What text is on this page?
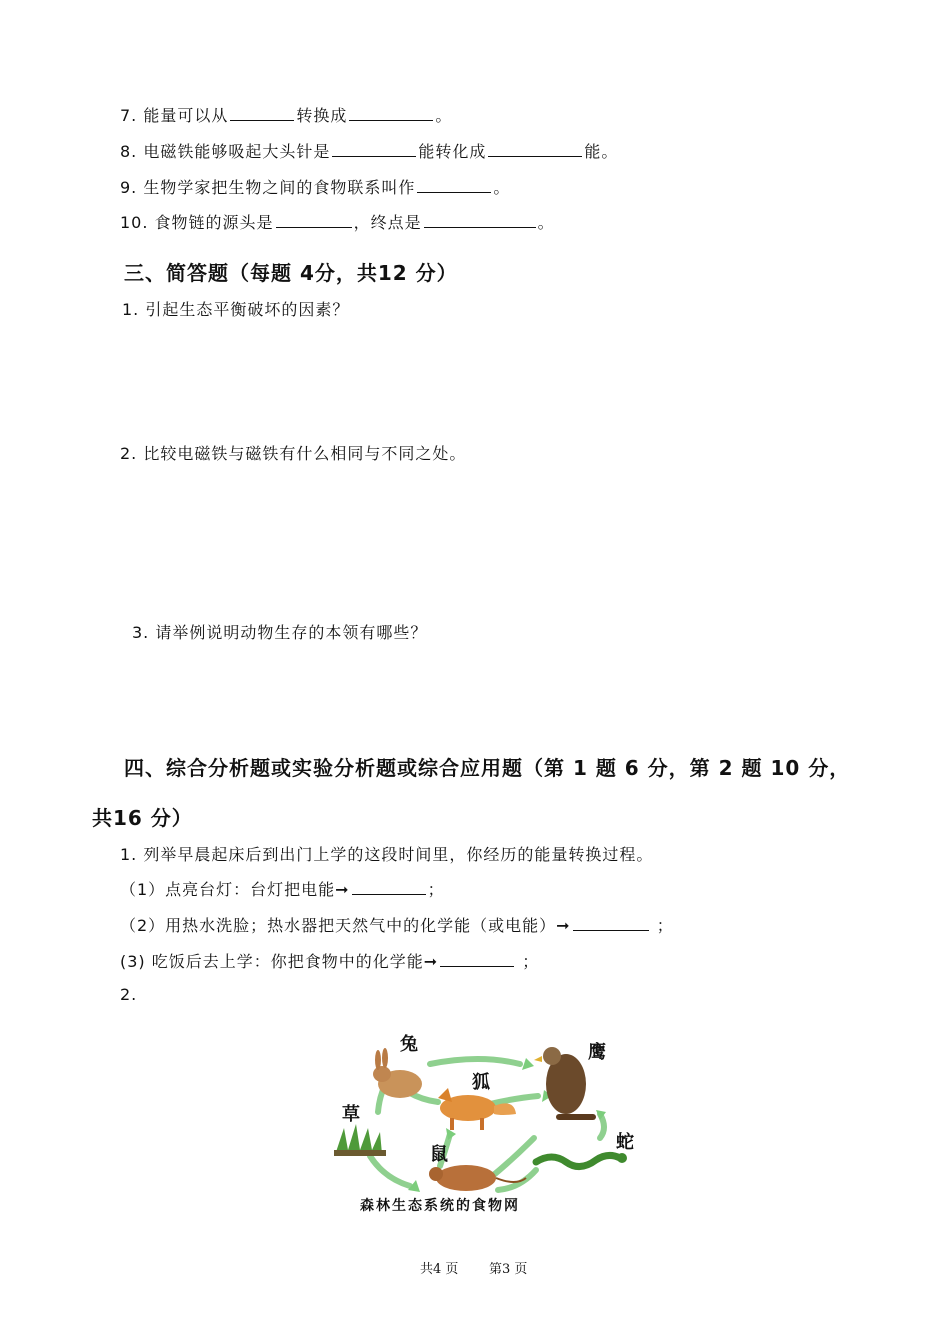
7. 能量可以从	转换成	。
8. 电磁铁能够吸起大头针是	能转化成	能。
9. 生物学家把生物之间的食物联系叫作	。
10. 食物链的源头是	，终点是	。
三、简答题（每题 4分，共12 分）
1. 引起生态平衡破坏的因素？
2. 比较电磁铁与磁铁有什么相同与不同之处。
3. 请举例说明动物生存的本领有哪些？
四、综合分析题或实验分析题或综合应用题（第 1 题 6 分，第 2 题 10 分，
共16 分）
1. 列举早晨起床后到出门上学的这段时间里，你经历的能量转换过程。
（1）点亮台灯：台灯把电能➞	；
（2）用热水洗脸；热水器把天然气中的化学能（或电能）➞	；
(3) 吃饭后去上学：你把食物中的化学能➞	；
2.
兔	鹰
狐
草
鼠
蛇
森林生态系统的食物网
共4 页 第3 页
